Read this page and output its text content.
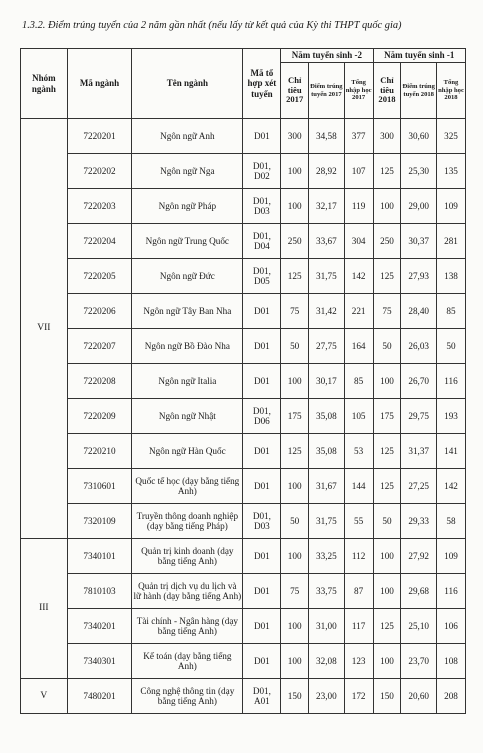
1.3.2. Điểm trúng tuyển của 2 năm gần nhất (nếu lấy từ kết quả của Kỳ thi THPT quốc gia)
Nhóm ngành	Mã ngành	Tên ngành	Mã tổ hợp xét tuyển	Năm tuyển sinh -2			Năm tuyển sinh -1		
				Chỉ tiêu 2017	Điểm trúng tuyển 2017	Tổng nhập học 2017	Chỉ tiêu 2018	Điểm trúng tuyển 2018	Tổng nhập học 2018
VII	7220201	Ngôn ngữ Anh	D01	300	34,58	377	300	30,60	325
	7220202	Ngôn ngữ Nga	D01, D02	100	28,92	107	125	25,30	135
	7220203	Ngôn ngữ Pháp	D01, D03	100	32,17	119	100	29,00	109
	7220204	Ngôn ngữ Trung Quốc	D01, D04	250	33,67	304	250	30,37	281
	7220205	Ngôn ngữ Đức	D01, D05	125	31,75	142	125	27,93	138
	7220206	Ngôn ngữ Tây Ban Nha	D01	75	31,42	221	75	28,40	85
	7220207	Ngôn ngữ Bồ Đào Nha	D01	50	27,75	164	50	26,03	50
	7220208	Ngôn ngữ Italia	D01	100	30,17	85	100	26,70	116
	7220209	Ngôn ngữ Nhật	D01, D06	175	35,08	105	175	29,75	193
	7220210	Ngôn ngữ Hàn Quốc	D01	125	35,08	53	125	31,37	141
	7310601	Quốc tế học (dạy bằng tiếng Anh)	D01	100	31,67	144	125	27,25	142
	7320109	Truyền thông doanh nghiệp (dạy bằng tiếng Pháp)	D01, D03	50	31,75	55	50	29,33	58
III	7340101	Quản trị kinh doanh (dạy bằng tiếng Anh)	D01	100	33,25	112	100	27,92	109
	7810103	Quản trị dịch vụ du lịch và lữ hành (dạy bằng tiếng Anh)	D01	75	33,75	87	100	29,68	116
	7340201	Tài chính - Ngân hàng (dạy bằng tiếng Anh)	D01	100	31,00	117	125	25,10	106
	7340301	Kế toán (dạy bằng tiếng Anh)	D01	100	32,08	123	100	23,70	108
V	7480201	Công nghệ thông tin (dạy bằng tiếng Anh)	D01, A01	150	23,00	172	150	20,60	208
